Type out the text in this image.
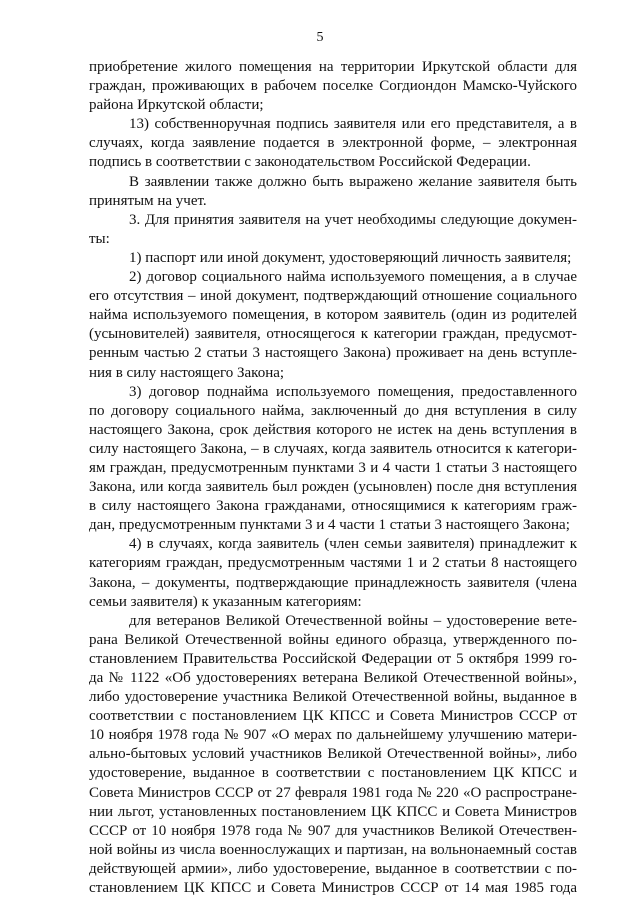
5
приобретение жилого помещения на территории Иркутской области для
граждан, проживающих в рабочем поселке Согдиондон Мамско-Чуйского
района Иркутской области;
13) собственноручная подпись заявителя или его представителя, а в
случаях, когда заявление подается в электронной форме, – электронная
подпись в соответствии с законодательством Российской Федерации.
В заявлении также должно быть выражено желание заявителя быть
принятым на учет.
3. Для принятия заявителя на учет необходимы следующие докумен-
ты:
1) паспорт или иной документ, удостоверяющий личность заявителя;
2) договор социального найма используемого помещения, а в случае
его отсутствия – иной документ, подтверждающий отношение социального
найма используемого помещения, в котором заявитель (один из родителей
(усыновителей) заявителя, относящегося к категории граждан, предусмот-
ренным частью 2 статьи 3 настоящего Закона) проживает на день вступле-
ния в силу настоящего Закона;
3) договор поднайма используемого помещения, предоставленного
по договору социального найма, заключенный до дня вступления в силу
настоящего Закона, срок действия которого не истек на день вступления в
силу настоящего Закона, – в случаях, когда заявитель относится к категори-
ям граждан, предусмотренным пунктами 3 и 4 части 1 статьи 3 настоящего
Закона, или когда заявитель был рожден (усыновлен) после дня вступления
в силу настоящего Закона гражданами, относящимися к категориям граж-
дан, предусмотренным пунктами 3 и 4 части 1 статьи 3 настоящего Закона;
4) в случаях, когда заявитель (член семьи заявителя) принадлежит к
категориям граждан, предусмотренным частями 1 и 2 статьи 8 настоящего
Закона, – документы, подтверждающие принадлежность заявителя (члена
семьи заявителя) к указанным категориям:
для ветеранов Великой Отечественной войны – удостоверение вете-
рана Великой Отечественной войны единого образца, утвержденного по-
становлением Правительства Российской Федерации от 5 октября 1999 го-
да № 1122 «Об удостоверениях ветерана Великой Отечественной войны»,
либо удостоверение участника Великой Отечественной войны, выданное в
соответствии с постановлением ЦК КПСС и Совета Министров СССР от
10 ноября 1978 года № 907 «О мерах по дальнейшему улучшению матери-
ально-бытовых условий участников Великой Отечественной войны», либо
удостоверение, выданное в соответствии с постановлением ЦК КПСС и
Совета Министров СССР от 27 февраля 1981 года № 220 «О распростране-
нии льгот, установленных постановлением ЦК КПСС и Совета Министров
СССР от 10 ноября 1978 года № 907 для участников Великой Отечествен-
ной войны из числа военнослужащих и партизан, на вольнонаемный состав
действующей армии», либо удостоверение, выданное в соответствии с по-
становлением ЦК КПСС и Совета Министров СССР от 14 мая 1985 года
